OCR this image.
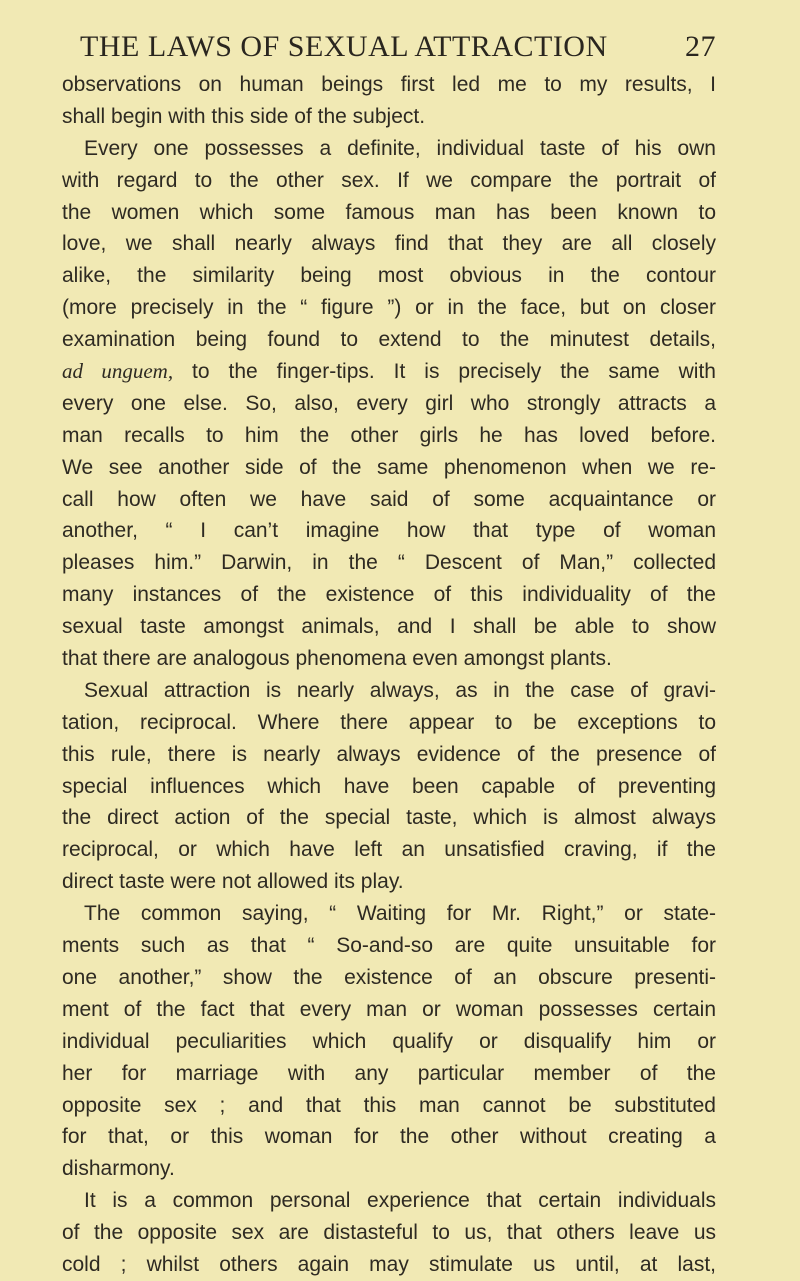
THE LAWS OF SEXUAL ATTRACTION	27
observations on human beings first led me to my results, I
shall begin with this side of the subject.
Every one possesses a definite, individual taste of his own
with regard to the other sex. If we compare the portrait of
the women which some famous man has been known to
love, we shall nearly always find that they are all closely
alike, the similarity being most obvious in the contour
(more precisely in the “ figure ”) or in the face, but on closer
examination being found to extend to the minutest details,
ad unguem, to the finger-tips. It is precisely the same with
every one else. So, also, every girl who strongly attracts a
man recalls to him the other girls he has loved before.
We see another side of the same phenomenon when we re-
call how often we have said of some acquaintance or
another, “ I can’t imagine how that type of woman
pleases him.” Darwin, in the “ Descent of Man,” collected
many instances of the existence of this individuality of the
sexual taste amongst animals, and I shall be able to show
that there are analogous phenomena even amongst plants.
Sexual attraction is nearly always, as in the case of gravi-
tation, reciprocal. Where there appear to be exceptions to
this rule, there is nearly always evidence of the presence of
special influences which have been capable of preventing
the direct action of the special taste, which is almost always
reciprocal, or which have left an unsatisfied craving, if the
direct taste were not allowed its play.
The common saying, “ Waiting for Mr. Right,” or state-
ments such as that “ So-and-so are quite unsuitable for
one another,” show the existence of an obscure presenti-
ment of the fact that every man or woman possesses certain
individual peculiarities which qualify or disqualify him or
her for marriage with any particular member of the
opposite sex ; and that this man cannot be substituted
for that, or this woman for the other without creating a
disharmony.
It is a common personal experience that certain individuals
of the opposite sex are distasteful to us, that others leave us
cold ; whilst others again may stimulate us until, at last,
